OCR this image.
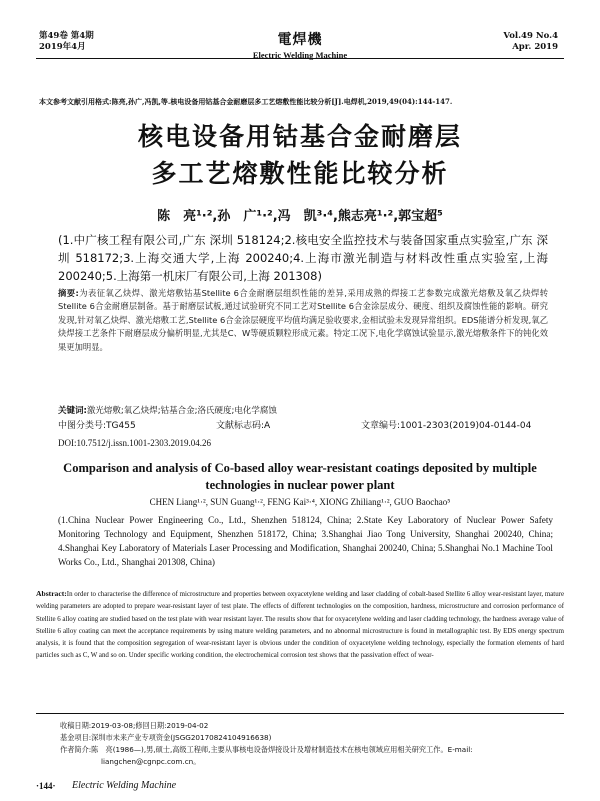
第49卷 第4期
2019年4月	電焊機
Electric Welding Machine
Vol.49 No.4
Apr. 2019
本文参考文献引用格式:陈亮,孙广,冯凯,等.核电设备用钴基合金耐磨层多工艺熔敷性能比较分析[J].电焊机,2019,49(04):144-147.
核电设备用钴基合金耐磨层
多工艺熔敷性能比较分析
陈　亮¹·²,孙　广¹·²,冯　凯³·⁴,熊志亮¹·²,郭宝超⁵
(1.中广核工程有限公司,广东 深圳 518124;2.核电安全监控技术与装备国家重点实验室,广东 深圳 518172;3.上海交通大学,上海 200240;4.上海市激光制造与材料改性重点实验室,上海 200240;5.上海第一机床厂有限公司,上海 201308)
摘要:为表征氧乙炔焊、激光熔敷钴基Stellite 6合金耐磨层组织性能的差异,采用成熟的焊接工艺参数完成激光熔敷及氧乙炔焊转Stellite 6合金耐磨层制备。基于耐磨层试板,通过试验研究不同工艺对Stellite 6合金涂层成分、硬度、组织及腐蚀性能的影响。研究发现,针对氧乙炔焊、激光熔敷工艺,Stellite 6合金涂层硬度平均值均满足验收要求,金相试验未发现异常组织。EDS能谱分析发现,氧乙炔焊接工艺条件下耐磨层成分偏析明显,尤其是C、W等硬质颗粒形成元素。特定工况下,电化学腐蚀试验显示,激光熔敷条件下的钝化效果更加明显。
关键词:激光熔敷;氧乙炔焊;钴基合金;洛氏硬度;电化学腐蚀
中图分类号:TG455	文献标志码:A	文章编号:1001-2303(2019)04-0144-04
DOI:10.7512/j.issn.1001-2303.2019.04.26
Comparison and analysis of Co-based alloy wear-resistant coatings deposited by multiple technologies in nuclear power plant
CHEN Liang¹·², SUN Guang¹·², FENG Kai³·⁴, XIONG Zhiliang¹·², GUO Baochao⁵
(1.China Nuclear Power Engineering Co., Ltd., Shenzhen 518124, China; 2.State Key Laboratory of Nuclear Power Safety Monitoring Technology and Equipment, Shenzhen 518172, China; 3.Shanghai Jiao Tong University, Shanghai 200240, China; 4.Shanghai Key Laboratory of Materials Laser Processing and Modification, Shanghai 200240, China; 5.Shanghai No.1 Machine Tool Works Co., Ltd., Shanghai 201308, China)
Abstract:In order to characterise the difference of microstructure and properties between oxyacetylene welding and laser cladding of cobalt-based Stellite 6 alloy wear-resistant layer, mature welding parameters are adopted to prepare wear-resistant layer of test plate. The effects of different technologies on the composition, hardness, microstructure and corrosion performance of Stellite 6 alloy coating are studied based on the test plate with wear resistant layer. The results show that for oxyacetylene welding and laser cladding technology, the hardness average value of Stellite 6 alloy coating can meet the acceptance requirements by using mature welding parameters, and no abnormal microstructure is found in metallographic test. By EDS energy spectrum analysis, it is found that the composition segregation of wear-resistant layer is obvious under the condition of oxyacetylene welding technology, especially the formation elements of hard particles such as C, W and so on. Under specific working condition, the electrochemical corrosion test shows that the passivation effect of wear-
收稿日期:2019-03-08;修回日期:2019-04-02
基金项目:深圳市未来产业专项资金(JSGG20170824104916638)
作者简介:陈　亮(1986—),男,硕士,高级工程师,主要从事核电设备焊接设计及增材制造技术在核电领域应用相关研究工作。E-mail:
liangchen@cgnpc.com.cn。
·144· Electric Welding Machine
